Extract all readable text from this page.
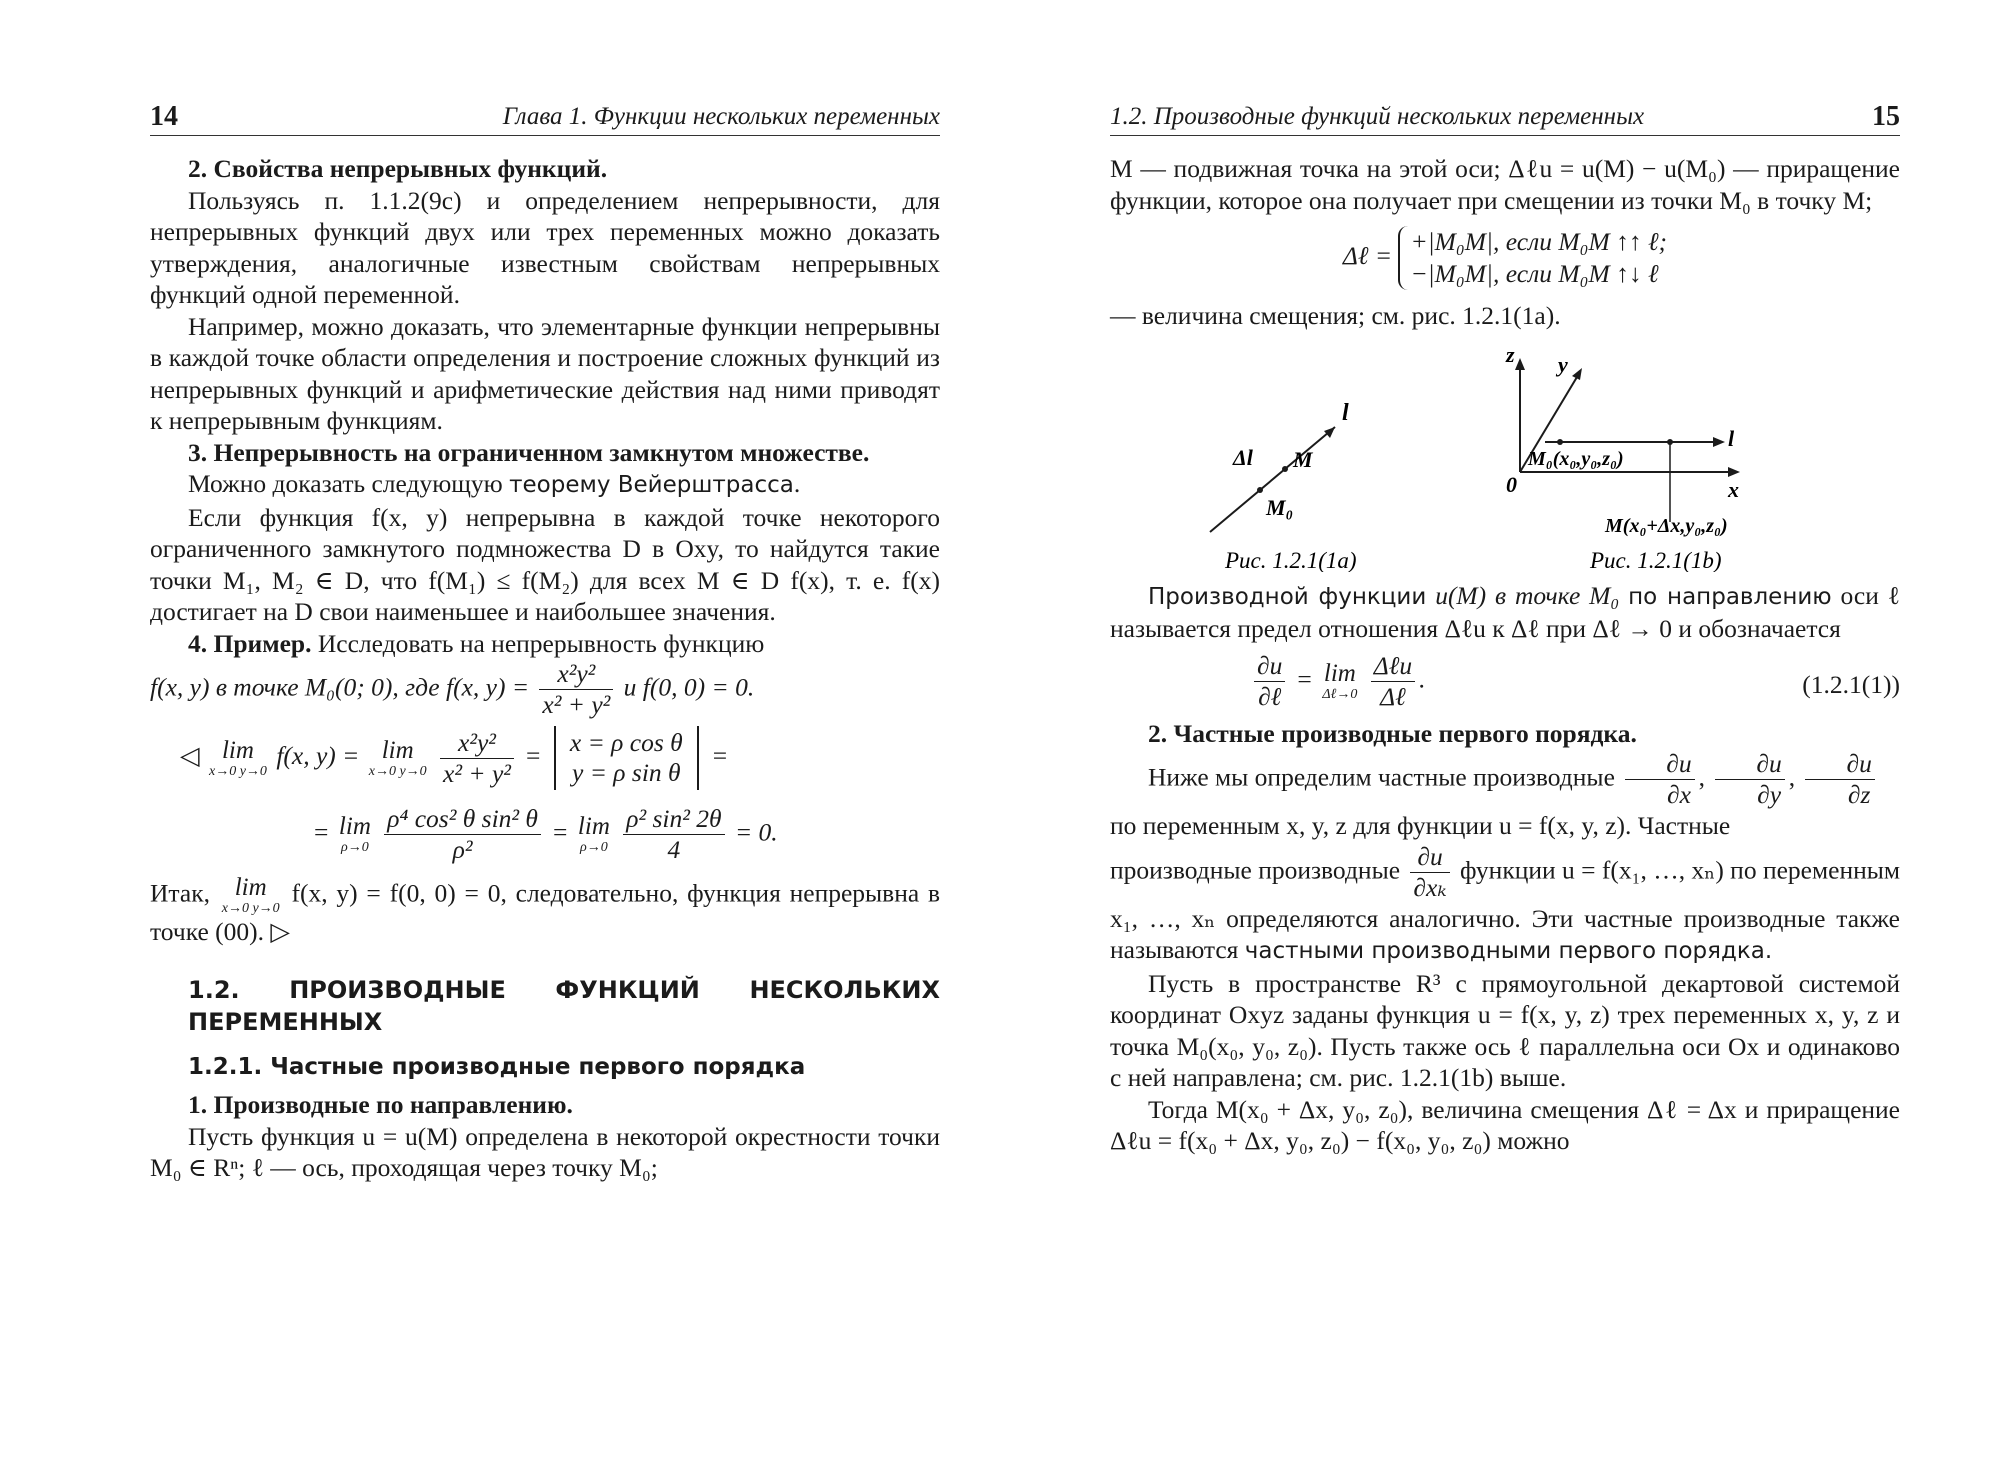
14	Глава 1. Функции нескольких переменных

2. Свойства непрерывных функций.

Пользуясь п. 1.1.2(9c) и определением непрерывности, для непрерывных функций двух или трех переменных можно доказать утверждения, аналогичные известным свойствам непрерывных функций одной переменной.

Например, можно доказать, что элементарные функции непрерывны в каждой точке области определения и построение сложных функций из непрерывных функций и арифметические действия над ними приводят к непрерывным функциям.

3. Непрерывность на ограниченном замкнутом множестве.

Можно доказать следующую теорему Вейерштрасса.

Если функция f(x, y) непрерывна в каждой точке некоторого ограниченного замкнутого подмножества D в Oxy, то найдутся такие точки M₁, M₂ ∈ D, что f(M₁) ≤ f(M₂) для всех M ∈ D f(x), т. е. f(x) достигает на D свои наименьшее и наибольшее значения.

4. Пример. Исследовать на непрерывность функцию

f(x, y) в точке M₀(0; 0), где f(x, $y) = \frac{\text{x²y²}}{\text{x² + y²}}$ и f(0, 0) = 0.

◁ lim
x→0 y→0
f(x, y) = lim
x→0 y→0
$\frac{\text{x²y²}}{\text{x² + y²}} = x = \rho$ cos θ
y = ρ sin θ
=
= lim
ρ→0
$\frac{\text{ρ⁴ cos² θ sin² θ}}{\text{ρ²}} = \lim$
ρ→0
$\frac{\text{ρ² sin² 2θ}}{4} = 0$.

Итак, lim
x→0 y→0
f(x, y) = f(0, 0) = 0, следовательно, функция непрерывна в точке (00). ▷

1.2. ПРОИЗВОДНЫЕ ФУНКЦИЙ НЕСКОЛЬКИХ ПЕРЕМЕННЫХ

1.2.1. Частные производные первого порядка

1. Производные по направлению.

Пусть функция u = u(M) определена в некоторой окрестности точки M₀ ∈ Rⁿ; ℓ — ось, проходящая через точку M₀;

1.2. Производные функций нескольких переменных	15

M — подвижная точка на этой оси; Δℓu = u(M) − u(M₀) — приращение функции, которое она получает при смещении из точки M₀ в точку M;

Δℓ = +|M₀M|, если M₀M ↑↑ ℓ;
−|M₀M|, если M₀M ↑↓ ℓ

— величина смещения; см. рис. 1.2.1(1a).

l
Δl M
M₀
Рис. 1.2.1(1a)
z y
x
0
l
M₀(x₀,y₀,z₀)
M(x₀+Δx,y₀,z₀)
Рис. 1.2.1(1b)

Производной функции u(M) в точке M₀ по направлению оси ℓ называется предел отношения Δℓu к Δℓ при Δℓ → 0 и обозначается

$\frac{\partial u}{\text{∂ℓ}} = \lim$
Δℓ→0
$\frac{\text{Δℓu}}{\text{Δℓ}}$ .	(1.2.1(1))

2. Частные производные первого порядка.

Ниже мы определим частные производные $\frac{\partial u}{\partial x}$ , $\frac{\partial u}{\partial y}$ , $\frac{\partial u}{\partial z}$

по переменным x, y, z для функции u = f(x, y, z). Частные

производные производные $\frac{\partial u}{\text{∂xₖ}}$ функции u = f(x₁, …, xₙ) по переменным x₁, …, xₙ определяются аналогично. Эти частные производные также называются частными производными первого порядка.

Пусть в пространстве R³ с прямоугольной декартовой системой координат Oxyz заданы функция u = f(x, y, z) трех переменных x, y, z и точка M₀(x₀, y₀, z₀). Пусть также ось ℓ параллельна оси Ox и одинаково с ней направлена; см. рис. 1.2.1(1b) выше.

Тогда M(x₀ + Δx, y₀, z₀), величина смещения Δℓ = Δx и приращение Δℓu = f(x₀ + Δx, y₀, z₀) − f(x₀, y₀, z₀) можно
